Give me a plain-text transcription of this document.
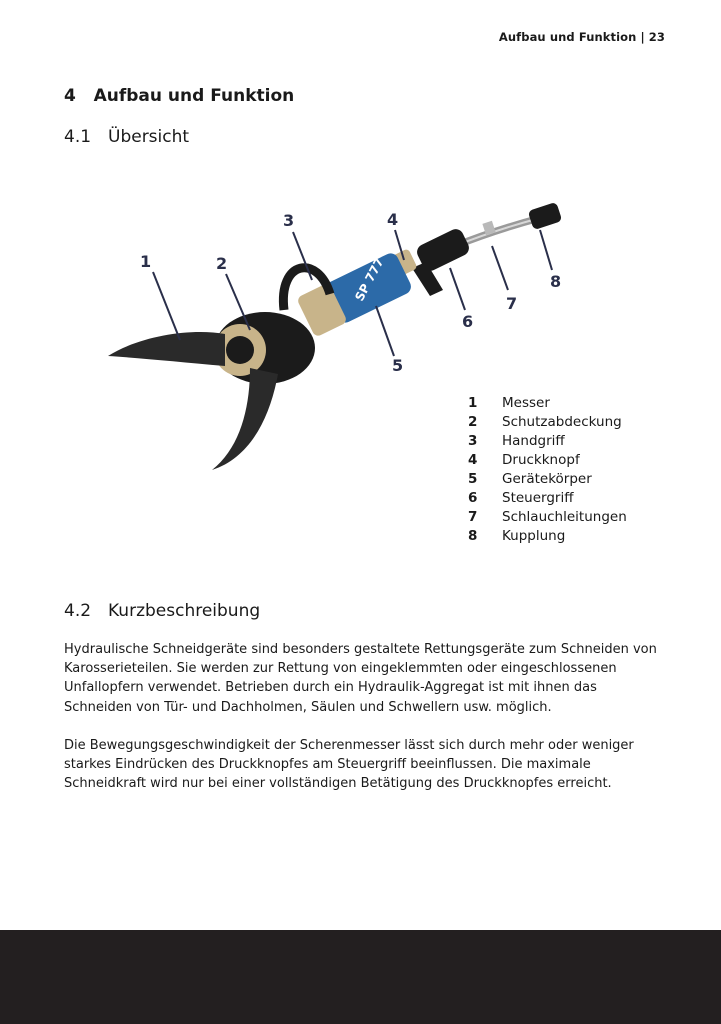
Aufbau und Funktion | 23
4 Aufbau und Funktion
4.1 Übersicht
SP 777
1	2
3	4
5
6
7
8
1	Messer
2	Schutzabdeckung
3	Handgriff
4	Druckknopf
5	Gerätekörper
6	Steuergriff
7	Schlauchleitungen
8	Kupplung
4.2 Kurzbeschreibung

Hydraulische Schneidgeräte sind besonders gestaltete Rettungsgeräte zum Schneiden von Karosserieteilen. Sie werden zur Rettung von eingeklemmten oder eingeschlossenen Unfallopfern verwendet. Betrieben durch ein Hydraulik-Aggregat ist mit ihnen das Schneiden von Tür- und Dachholmen, Säulen und Schwellern usw. möglich.

Die Bewegungsgeschwindigkeit der Scherenmesser lässt sich durch mehr oder weniger starkes Eindrücken des Druckknopfes am Steuergriff beeinflussen. Die maximale Schneidkraft wird nur bei einer vollständigen Betätigung des Druckknopfes erreicht.
